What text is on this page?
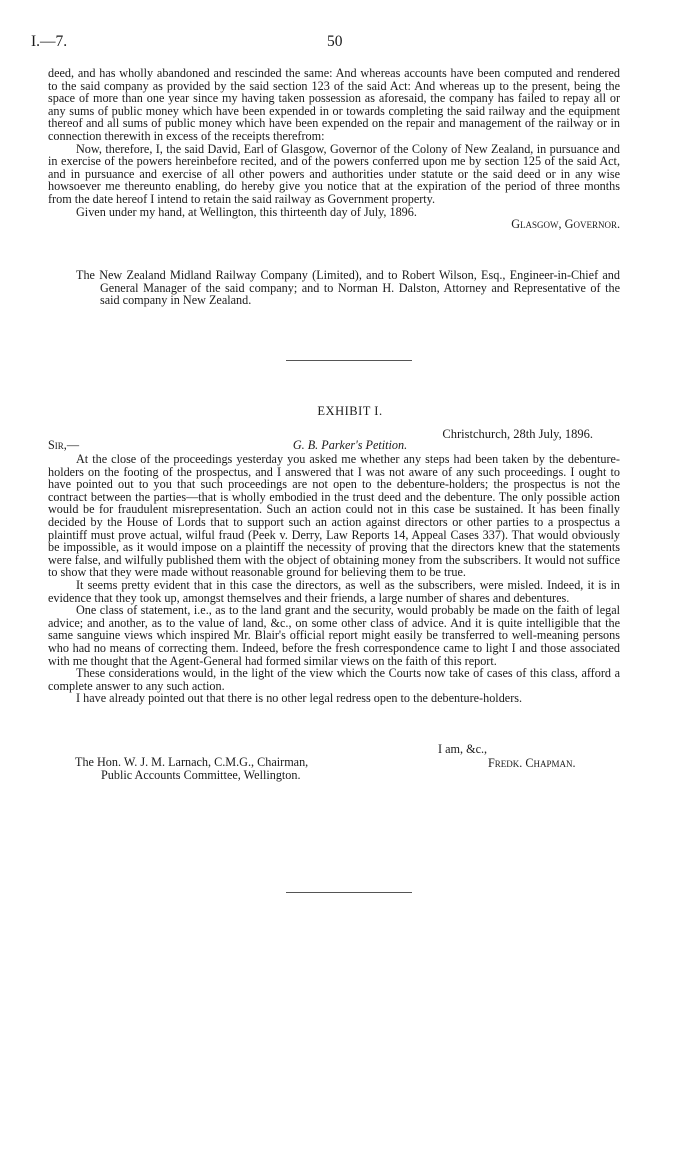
I.—7.	50

deed, and has wholly abandoned and rescinded the same: And whereas accounts have been computed and rendered to the said company as provided by the said section 123 of the said Act: And whereas up to the present, being the space of more than one year since my having taken possession as aforesaid, the company has failed to repay all or any sums of public money which have been expended in or towards completing the said railway and the equipment thereof and all sums of public money which have been expended on the repair and management of the railway or in connection therewith in excess of the receipts therefrom:

Now, therefore, I, the said David, Earl of Glasgow, Governor of the Colony of New Zealand, in pursuance and in exercise of the powers hereinbefore recited, and of the powers conferred upon me by section 125 of the said Act, and in pursuance and exercise of all other powers and authorities under statute or the said deed or in any wise howsoever me thereunto enabling, do hereby give you notice that at the expiration of the period of three months from the date hereof I intend to retain the said railway as Government property.

Given under my hand, at Wellington, this thirteenth day of July, 1896.

Glasgow, Governor.

The New Zealand Midland Railway Company (Limited), and to Robert Wilson, Esq., Engineer-in-Chief and General Manager of the said company; and to Norman H. Dalston, Attorney and Representative of the said company in New Zealand.
EXHIBIT I.
Christchurch, 28th July, 1896.
Sir,—	G. B. Parker's Petition.

At the close of the proceedings yesterday you asked me whether any steps had been taken by the debenture-holders on the footing of the prospectus, and I answered that I was not aware of any such proceedings. I ought to have pointed out to you that such proceedings are not open to the debenture-holders; the prospectus is not the contract between the parties—that is wholly embodied in the trust deed and the debenture. The only possible action would be for fraudulent misrepresentation. Such an action could not in this case be sustained. It has been finally decided by the House of Lords that to support such an action against directors or other parties to a prospectus a plaintiff must prove actual, wilful fraud (Peek v. Derry, Law Reports 14, Appeal Cases 337). That would obviously be impossible, as it would impose on a plaintiff the necessity of proving that the directors knew that the statements were false, and wilfully published them with the object of obtaining money from the subscribers. It would not suffice to show that they were made without reasonable ground for believing them to be true.

It seems pretty evident that in this case the directors, as well as the subscribers, were misled. Indeed, it is in evidence that they took up, amongst themselves and their friends, a large number of shares and debentures.

One class of statement, i.e., as to the land grant and the security, would probably be made on the faith of legal advice; and another, as to the value of land, &c., on some other class of advice. And it is quite intelligible that the same sanguine views which inspired Mr. Blair's official report might easily be transferred to well-meaning persons who had no means of correcting them. Indeed, before the fresh correspondence came to light I and those associated with me thought that the Agent-General had formed similar views on the faith of this report.

These considerations would, in the light of the view which the Courts now take of cases of this class, afford a complete answer to any such action.

I have already pointed out that there is no other legal redress open to the debenture-holders.

I am, &c.,
Fredk. Chapman.
The Hon. W. J. M. Larnach, C.M.G., Chairman,
Public Accounts Committee, Wellington.
